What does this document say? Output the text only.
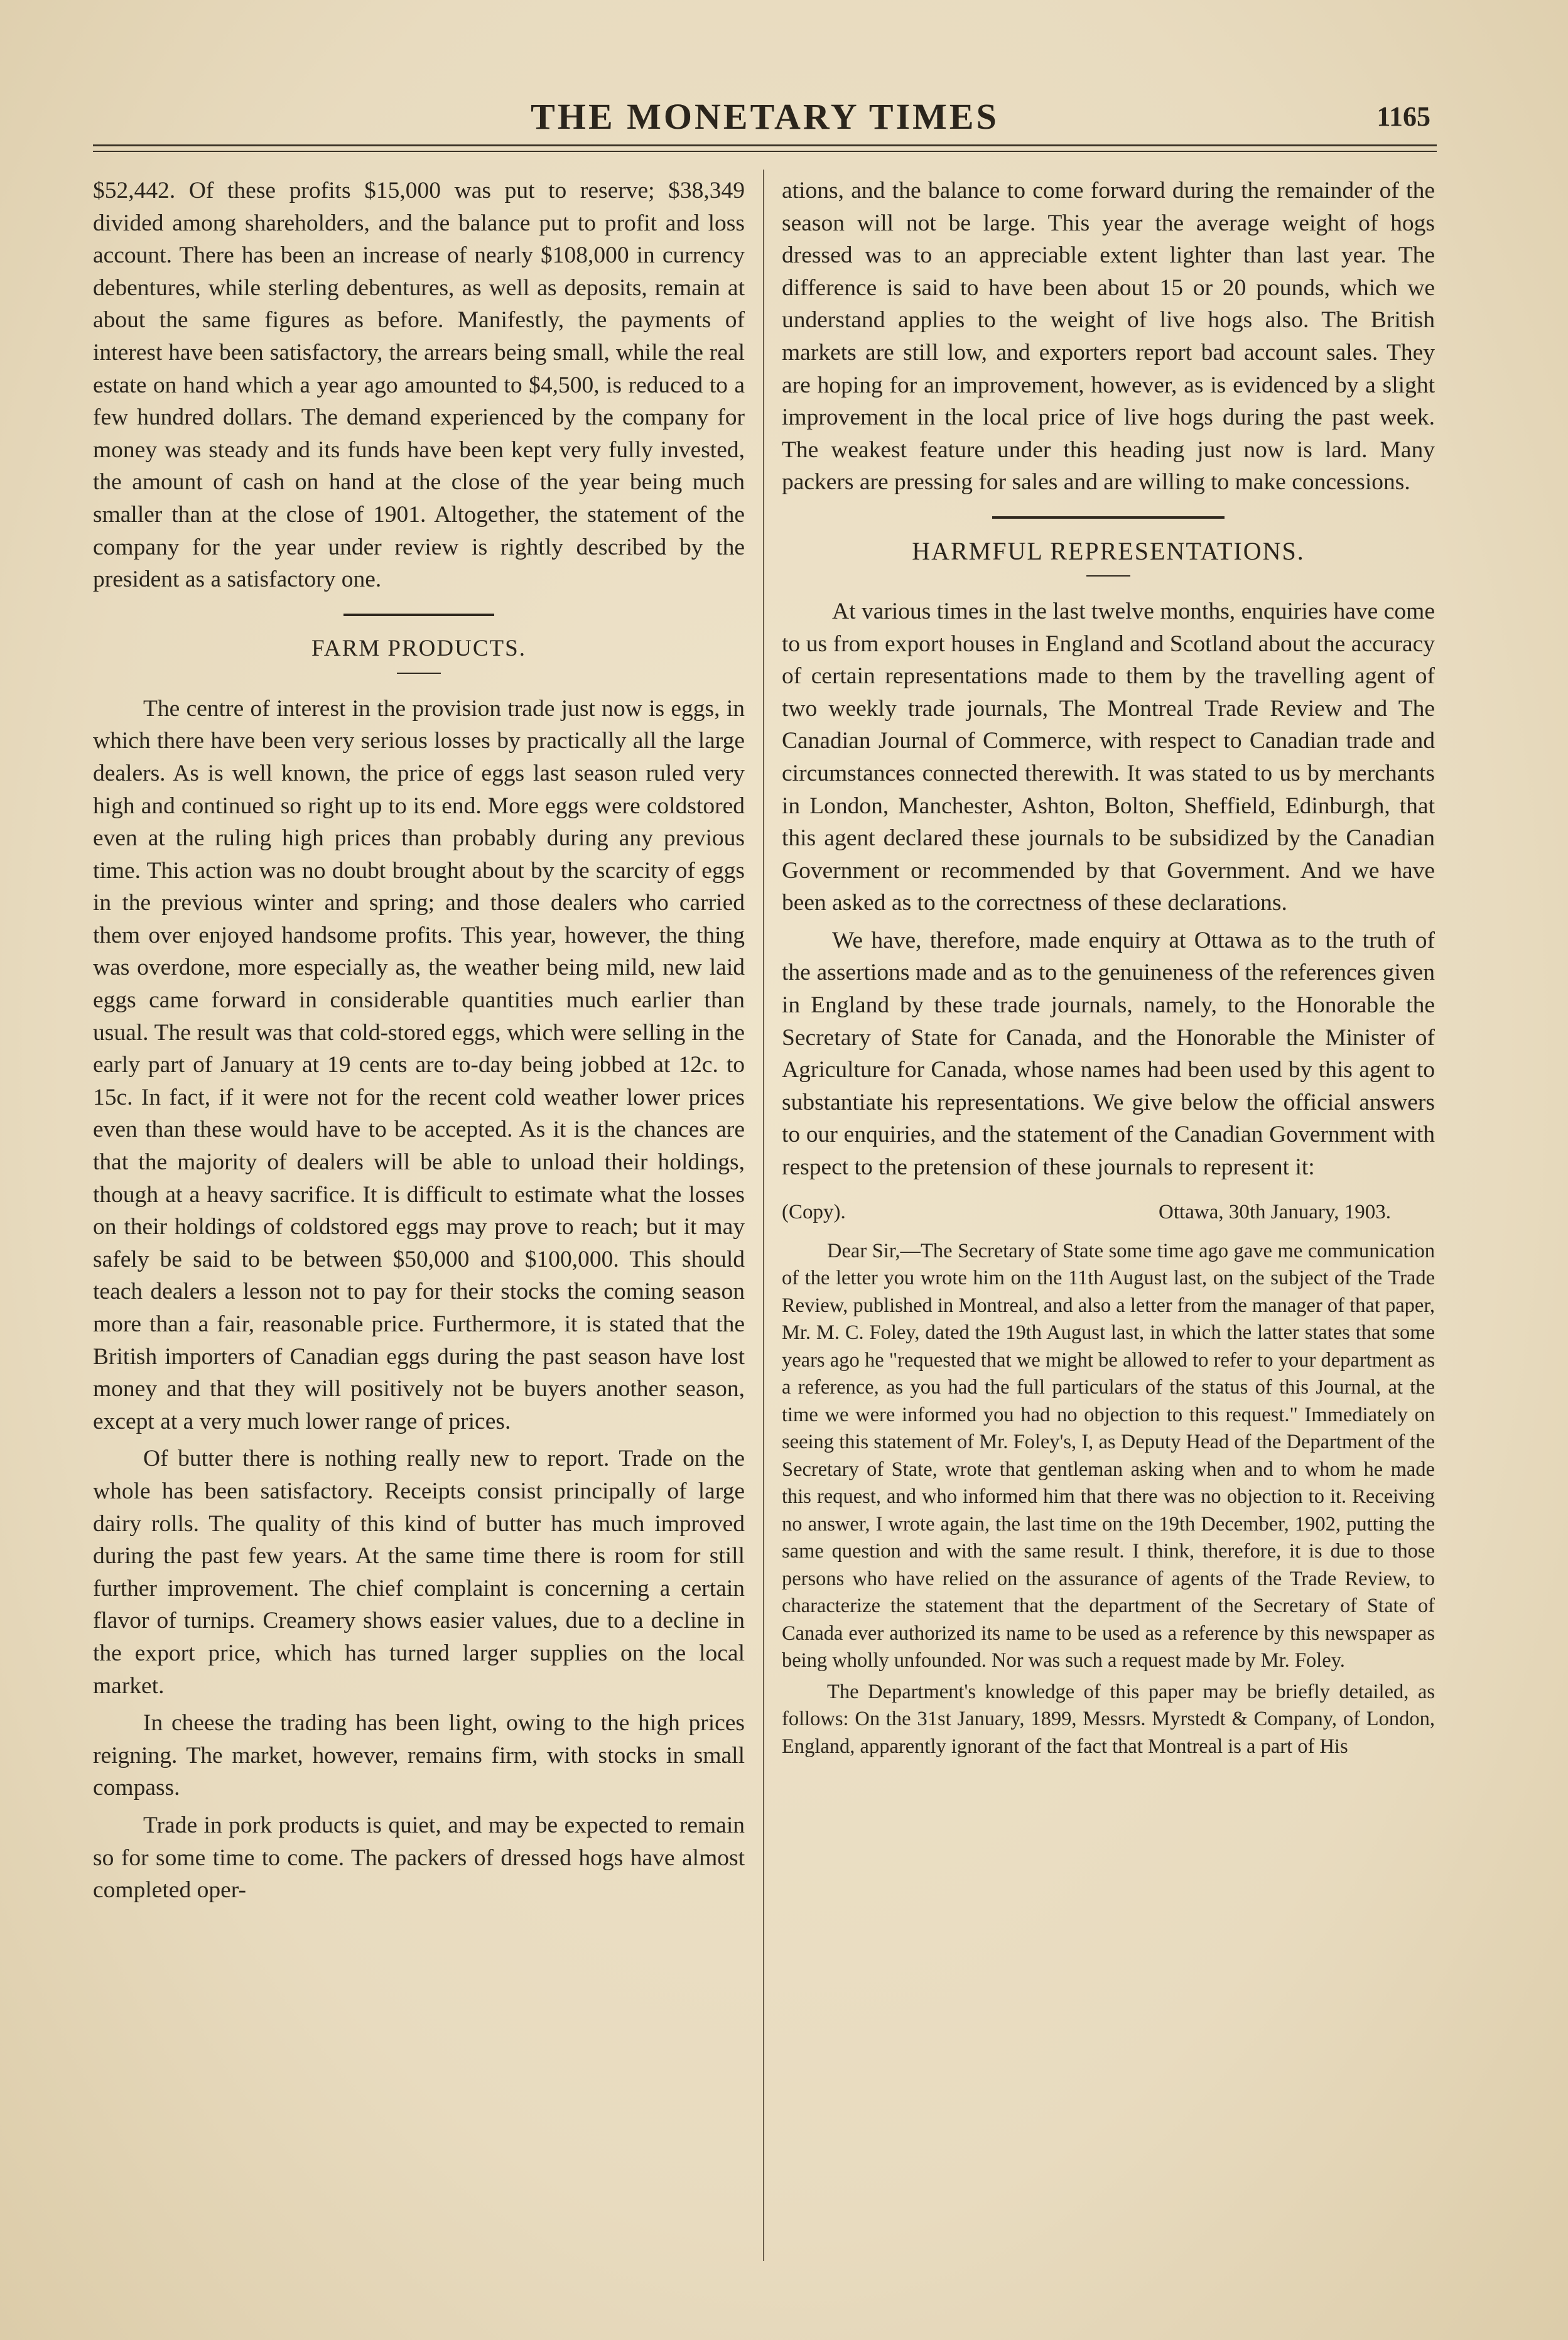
THE MONETARY TIMES	1165

$52,442. Of these profits $15,000 was put to reserve; $38,349 divided among shareholders, and the balance put to profit and loss account. There has been an increase of nearly $108,000 in currency debentures, while sterling debentures, as well as deposits, remain at about the same figures as before. Manifestly, the payments of interest have been satisfactory, the arrears being small, while the real estate on hand which a year ago amounted to $4,500, is reduced to a few hundred dollars. The demand experienced by the company for money was steady and its funds have been kept very fully invested, the amount of cash on hand at the close of the year being much smaller than at the close of 1901. Altogether, the statement of the company for the year under review is rightly described by the president as a satisfactory one.

FARM PRODUCTS.

The centre of interest in the provision trade just now is eggs, in which there have been very serious losses by practically all the large dealers. As is well known, the price of eggs last season ruled very high and continued so right up to its end. More eggs were coldstored even at the ruling high prices than probably during any previous time. This action was no doubt brought about by the scarcity of eggs in the previous winter and spring; and those dealers who carried them over enjoyed handsome profits. This year, however, the thing was overdone, more especially as, the weather being mild, new laid eggs came forward in considerable quantities much earlier than usual. The result was that cold-stored eggs, which were selling in the early part of January at 19 cents are to-day being jobbed at 12c. to 15c. In fact, if it were not for the recent cold weather lower prices even than these would have to be accepted. As it is the chances are that the majority of dealers will be able to unload their holdings, though at a heavy sacrifice. It is difficult to estimate what the losses on their holdings of coldstored eggs may prove to reach; but it may safely be said to be between $50,000 and $100,000. This should teach dealers a lesson not to pay for their stocks the coming season more than a fair, reasonable price. Furthermore, it is stated that the British importers of Canadian eggs during the past season have lost money and that they will positively not be buyers another season, except at a very much lower range of prices.

Of butter there is nothing really new to report. Trade on the whole has been satisfactory. Receipts consist principally of large dairy rolls. The quality of this kind of butter has much improved during the past few years. At the same time there is room for still further improvement. The chief complaint is concerning a certain flavor of turnips. Creamery shows easier values, due to a decline in the export price, which has turned larger supplies on the local market.

In cheese the trading has been light, owing to the high prices reigning. The market, however, remains firm, with stocks in small compass.

Trade in pork products is quiet, and may be expected to remain so for some time to come. The packers of dressed hogs have almost completed oper-

ations, and the balance to come forward during the remainder of the season will not be large. This year the average weight of hogs dressed was to an appreciable extent lighter than last year. The difference is said to have been about 15 or 20 pounds, which we understand applies to the weight of live hogs also. The British markets are still low, and exporters report bad account sales. They are hoping for an improvement, however, as is evidenced by a slight improvement in the local price of live hogs during the past week. The weakest feature under this heading just now is lard. Many packers are pressing for sales and are willing to make concessions.

HARMFUL REPRESENTATIONS.

At various times in the last twelve months, enquiries have come to us from export houses in England and Scotland about the accuracy of certain representations made to them by the travelling agent of two weekly trade journals, The Montreal Trade Review and The Canadian Journal of Commerce, with respect to Canadian trade and circumstances connected therewith. It was stated to us by merchants in London, Manchester, Ashton, Bolton, Sheffield, Edinburgh, that this agent declared these journals to be subsidized by the Canadian Government or recommended by that Government. And we have been asked as to the correctness of these declarations.

We have, therefore, made enquiry at Ottawa as to the truth of the assertions made and as to the genuineness of the references given in England by these trade journals, namely, to the Honorable the Secretary of State for Canada, and the Honorable the Minister of Agriculture for Canada, whose names had been used by this agent to substantiate his representations. We give below the official answers to our enquiries, and the statement of the Canadian Government with respect to the pretension of these journals to represent it:

(Copy).	Ottawa, 30th January, 1903.

Dear Sir,—The Secretary of State some time ago gave me communication of the letter you wrote him on the 11th August last, on the subject of the Trade Review, published in Montreal, and also a letter from the manager of that paper, Mr. M. C. Foley, dated the 19th August last, in which the latter states that some years ago he "requested that we might be allowed to refer to your department as a reference, as you had the full particulars of the status of this Journal, at the time we were informed you had no objection to this request." Immediately on seeing this statement of Mr. Foley's, I, as Deputy Head of the Department of the Secretary of State, wrote that gentleman asking when and to whom he made this request, and who informed him that there was no objection to it. Receiving no answer, I wrote again, the last time on the 19th December, 1902, putting the same question and with the same result. I think, therefore, it is due to those persons who have relied on the assurance of agents of the Trade Review, to characterize the statement that the department of the Secretary of State of Canada ever authorized its name to be used as a reference by this newspaper as being wholly unfounded. Nor was such a request made by Mr. Foley.

The Department's knowledge of this paper may be briefly detailed, as follows: On the 31st January, 1899, Messrs. Myrstedt & Company, of London, England, apparently ignorant of the fact that Montreal is a part of His
